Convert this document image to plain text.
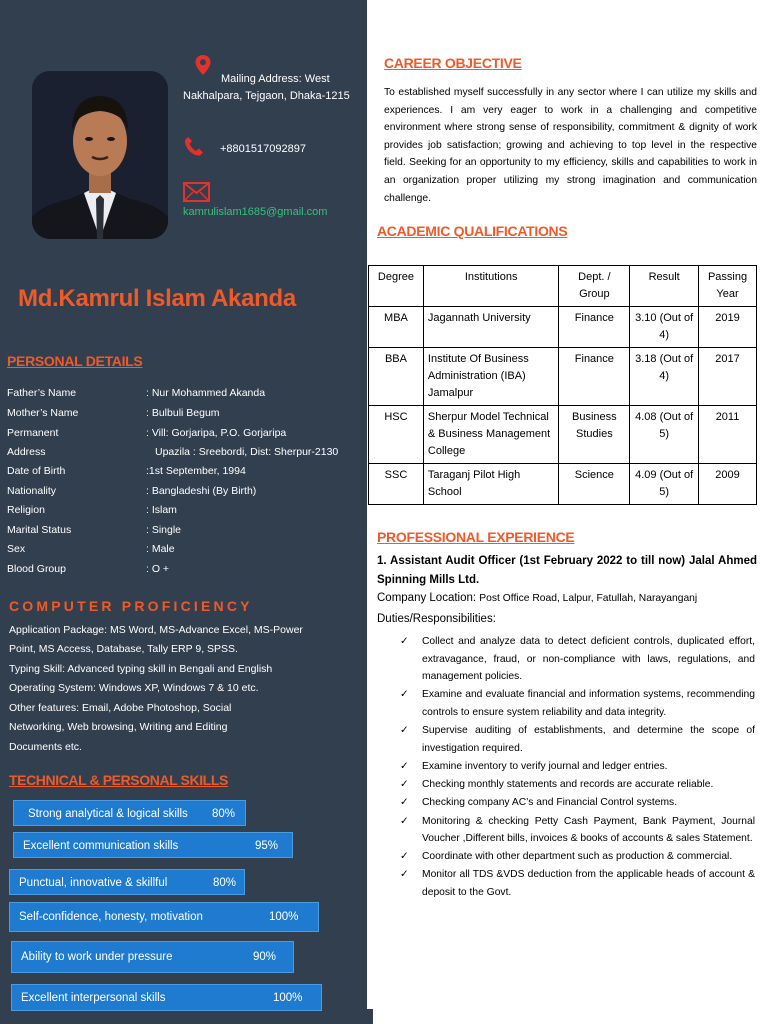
Mailing Address: West Nakhalpara, Tejgaon, Dhaka-1215
+8801517092897
kamrulislam1685@gmail.com
Md.Kamrul Islam Akanda
PERSONAL DETAILS
Father’s Name	: Nur Mohammed Akanda
Mother’s Name	: Bulbuli Begum
Permanent	: Vill: Gorjaripa, P.O. Gorjaripa
Address	Upazila : Sreebordi, Dist: Sherpur-2130
Date of Birth	:1st September, 1994
Nationality	: Bangladeshi (By Birth)
Religion	: Islam
Marital Status	: Single
Sex	: Male
Blood Group	: O +
COMPUTER PROFICIENCY
Application Package: MS Word, MS-Advance Excel, MS-Power
Point, MS Access, Database, Tally ERP 9, SPSS.
Typing Skill: Advanced typing skill in Bengali and English
Operating System: Windows XP, Windows 7 & 10 etc.
Other features: Email, Adobe Photoshop, Social
Networking, Web browsing, Writing and Editing
Documents etc.
TECHNICAL & PERSONAL SKILLS
Strong analytical & logical skills 80%
Excellent communication skills	95%
Punctual, innovative & skillful	80%
Self-confidence, honesty, motivation	100%
Ability to work under pressure	90%
Excellent interpersonal skills	100%
CAREER OBJECTIVE
To established myself successfully in any sector where I can utilize my skills and experiences. I am very eager to work in a challenging and competitive environment where strong sense of responsibility, commitment & dignity of work provides job satisfaction; growing and achieving to top level in the respective field. Seeking for an opportunity to my efficiency, skills and capabilities to work in an organization proper utilizing my strong imagination and communication challenge.
ACADEMIC QUALIFICATIONS
Degree	Institutions	Dept. / Group	Result	Passing Year
MBA	Jagannath University	Finance	3.10 (Out of 4)	2019
BBA	Institute Of Business Administration (IBA) Jamalpur	Finance	3.18 (Out of 4)	2017
HSC	Sherpur Model Technical & Business Management College	Business Studies	4.08 (Out of 5)	2011
SSC	Taraganj Pilot High School	Science	4.09 (Out of 5)	2009
PROFESSIONAL EXPERIENCE
1. Assistant Audit Officer (1st February 2022 to till now) Jalal Ahmed Spinning Mills Ltd.
Company Location: Post Office Road, Lalpur, Fatullah, Narayanganj
Duties/Responsibilities:
✓ Collect and analyze data to detect deficient controls, duplicated effort, extravagance, fraud, or non-compliance with laws, regulations, and management policies.
✓ Examine and evaluate financial and information systems, recommending controls to ensure system reliability and data integrity.
✓ Supervise auditing of establishments, and determine the scope of investigation required.
✓ Examine inventory to verify journal and ledger entries.
✓ Checking monthly statements and records are accurate reliable.
✓ Checking company AC’s and Financial Control systems.
✓ Monitoring & checking Petty Cash Payment, Bank Payment, Journal Voucher ,Different bills, invoices & books of accounts & sales Statement.
✓ Coordinate with other department such as production & commercial.
✓ Monitor all TDS &VDS deduction from the applicable heads of account & deposit to the Govt.
